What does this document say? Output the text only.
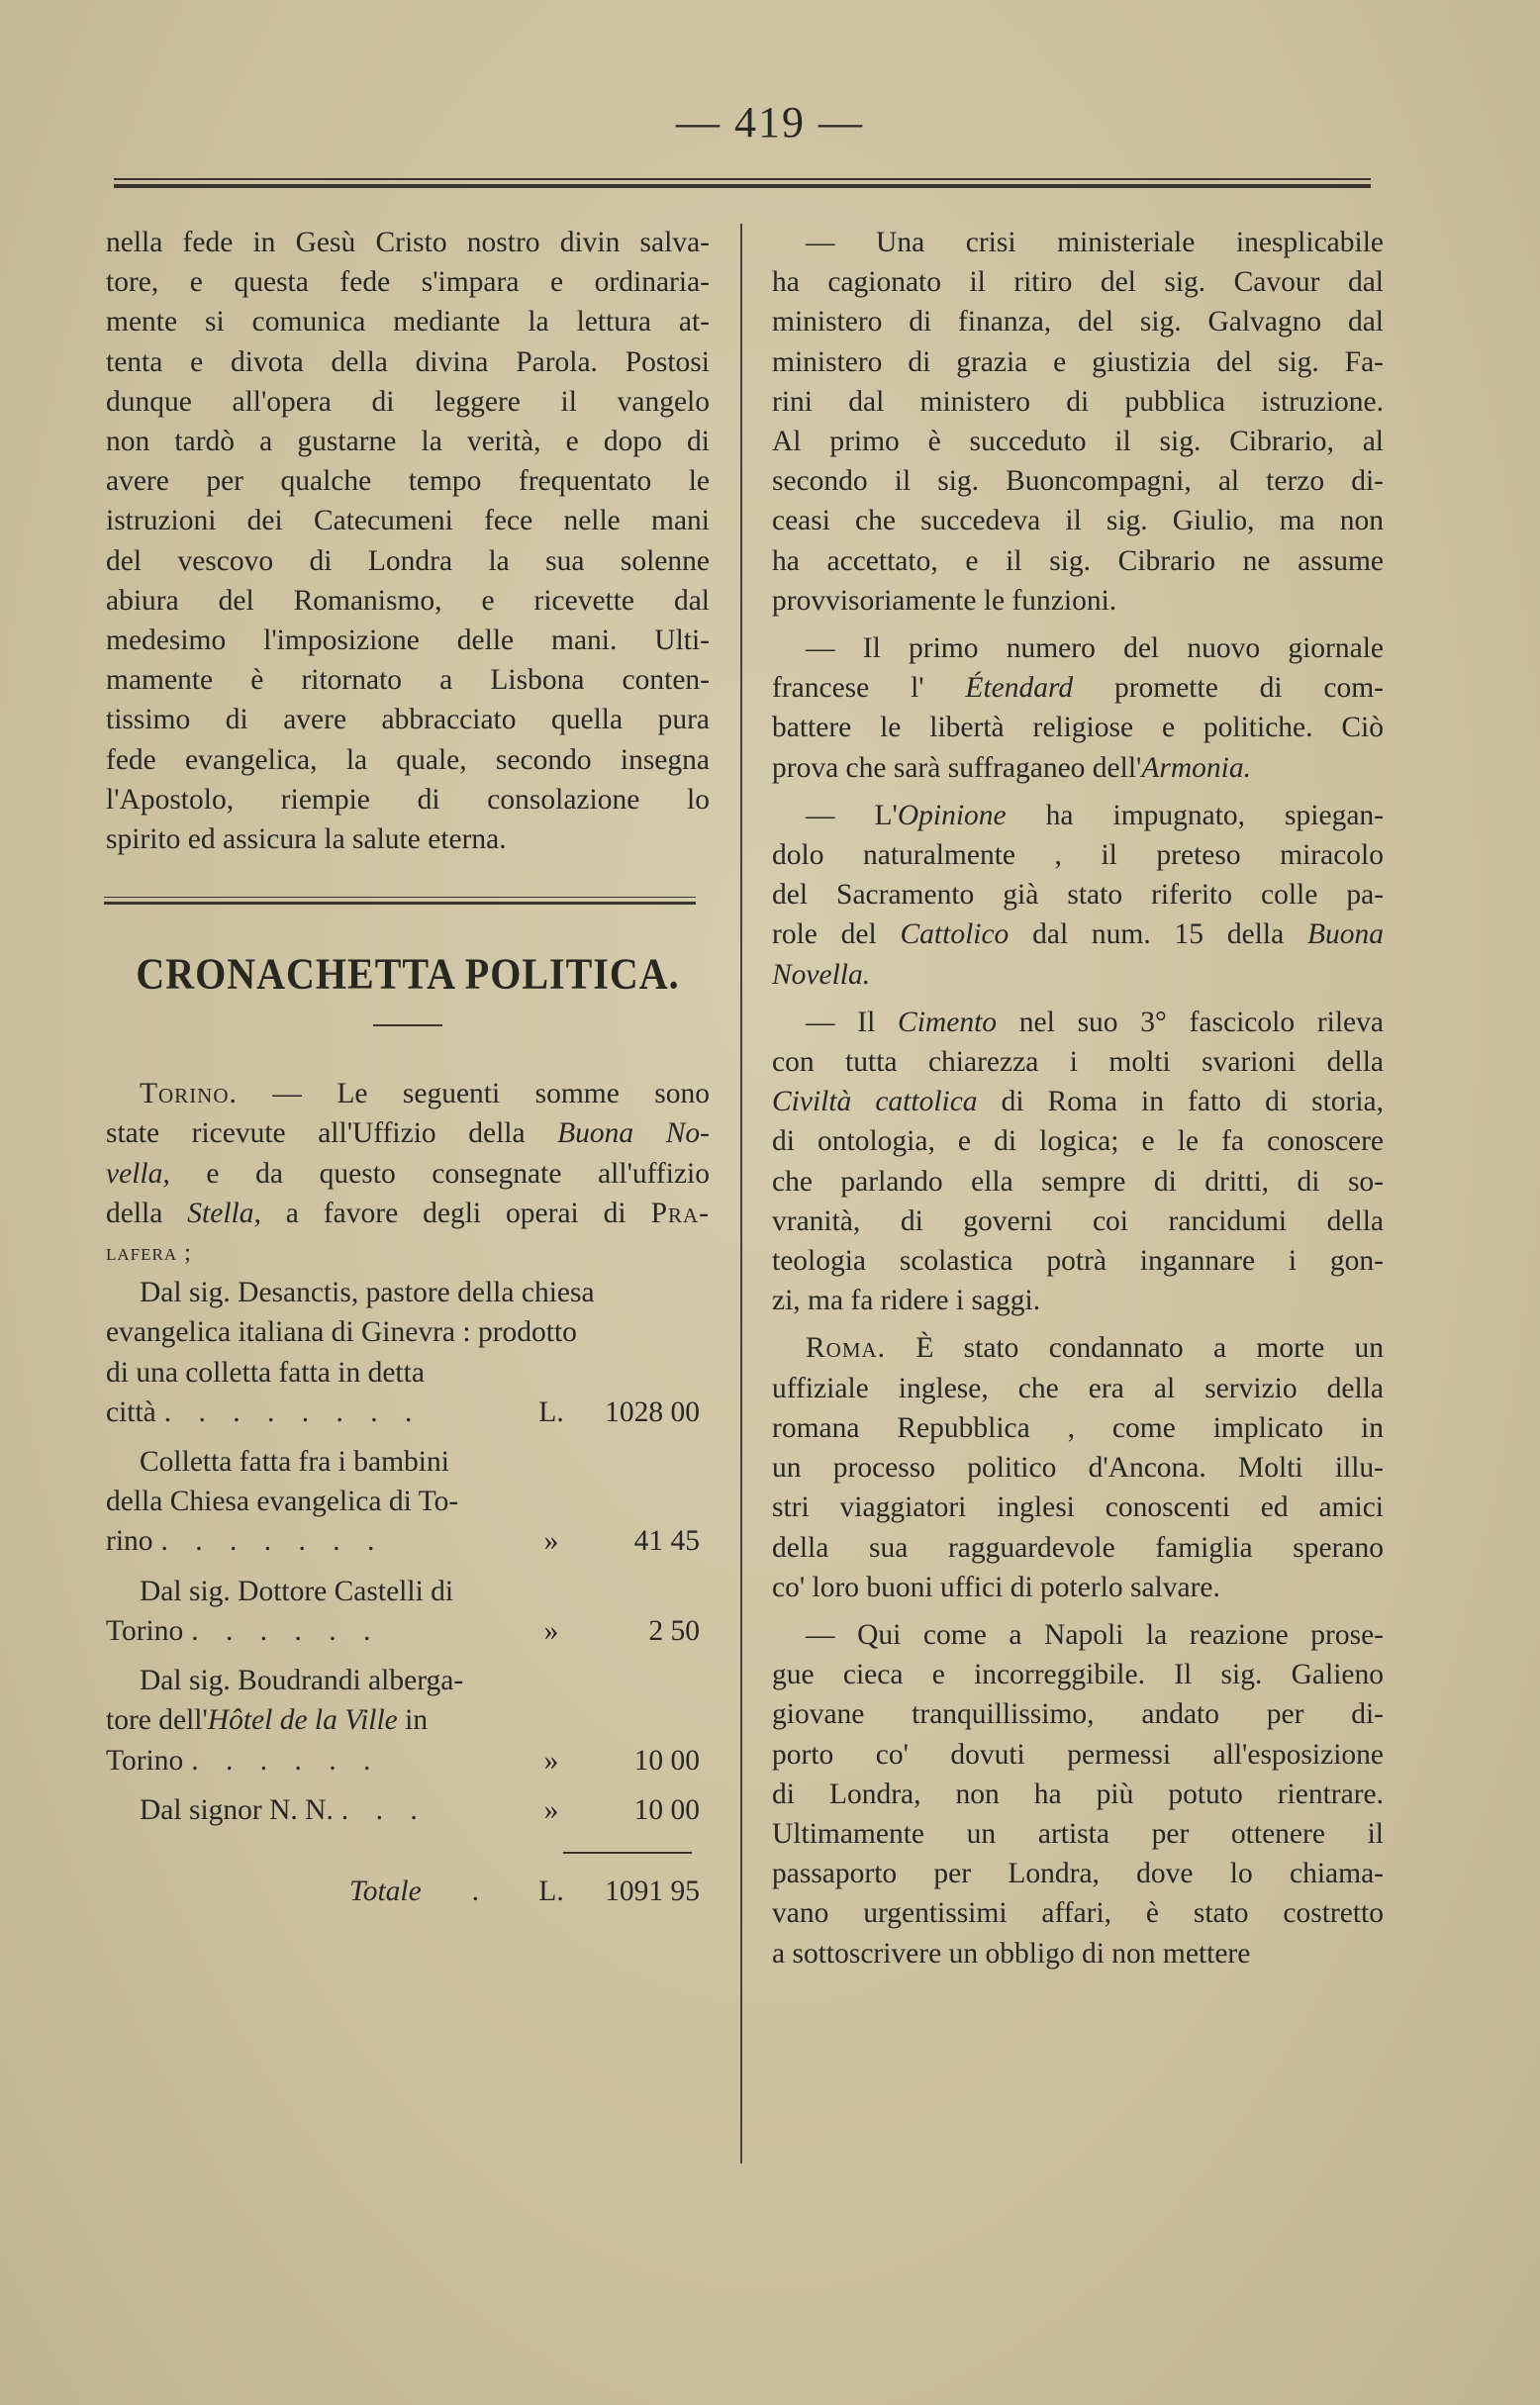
— 419 —
nella fede in Gesù Cristo nostro divin salva-
tore, e questa fede s'impara e ordinaria-
mente si comunica mediante la lettura at-
tenta e divota della divina Parola. Postosi
dunque all'opera di leggere il vangelo
non tardò a gustarne la verità, e dopo di
avere per qualche tempo frequentato le
istruzioni dei Catecumeni fece nelle mani
del vescovo di Londra la sua solenne
abiura del Romanismo, e ricevette dal
medesimo l'imposizione delle mani. Ulti-
mamente è ritornato a Lisbona conten-
tissimo di avere abbracciato quella pura
fede evangelica, la quale, secondo insegna
l'Apostolo, riempie di consolazione lo
spirito ed assicura la salute eterna.
CRONACHETTA POLITICA.
Torino. — Le seguenti somme sono
state ricevute all'Uffizio della Buona No-
vella, e da questo consegnate all'uffizio
della Stella, a favore degli operai di Pra-
lafera ;
Dal sig. Desanctis, pastore della chiesa
evangelica italiana di Ginevra : prodotto
di una colletta fatta in detta
città . . . . . . . .	L.	1028 00
Colletta fatta fra i bambini
della Chiesa evangelica di To-
rino . . . . . . .	»	41 45
Dal sig. Dottore Castelli di
Torino . . . . . .	»	2 50
Dal sig. Boudrandi alberga-
tore dell'Hôtel de la Ville in
Torino . . . . . .	»	10 00
Dal signor N. N. . . .	»	10 00
Totale	.	L.	1091 95
— Una crisi ministeriale inesplicabile
ha cagionato il ritiro del sig. Cavour dal
ministero di finanza, del sig. Galvagno dal
ministero di grazia e giustizia del sig. Fa-
rini dal ministero di pubblica istruzione.
Al primo è succeduto il sig. Cibrario, al
secondo il sig. Buoncompagni, al terzo di-
ceasi che succedeva il sig. Giulio, ma non
ha accettato, e il sig. Cibrario ne assume
provvisoriamente le funzioni.
— Il primo numero del nuovo giornale
francese l' Étendard promette di com-
battere le libertà religiose e politiche. Ciò
prova che sarà suffraganeo dell'Armonia.
— L'Opinione ha impugnato, spiegan-
dolo naturalmente , il preteso miracolo
del Sacramento già stato riferito colle pa-
role del Cattolico dal num. 15 della Buona
Novella.
— Il Cimento nel suo 3° fascicolo rileva
con tutta chiarezza i molti svarioni della
Civiltà cattolica di Roma in fatto di storia,
di ontologia, e di logica; e le fa conoscere
che parlando ella sempre di dritti, di so-
vranità, di governi coi rancidumi della
teologia scolastica potrà ingannare i gon-
zi, ma fa ridere i saggi.
Roma. È stato condannato a morte un
uffiziale inglese, che era al servizio della
romana Repubblica , come implicato in
un processo politico d'Ancona. Molti illu-
stri viaggiatori inglesi conoscenti ed amici
della sua ragguardevole famiglia sperano
co' loro buoni uffici di poterlo salvare.
— Qui come a Napoli la reazione prose-
gue cieca e incorreggibile. Il sig. Galieno
giovane tranquillissimo, andato per di-
porto co' dovuti permessi all'esposizione
di Londra, non ha più potuto rientrare.
Ultimamente un artista per ottenere il
passaporto per Londra, dove lo chiama-
vano urgentissimi affari, è stato costretto
a sottoscrivere un obbligo di non mettere
